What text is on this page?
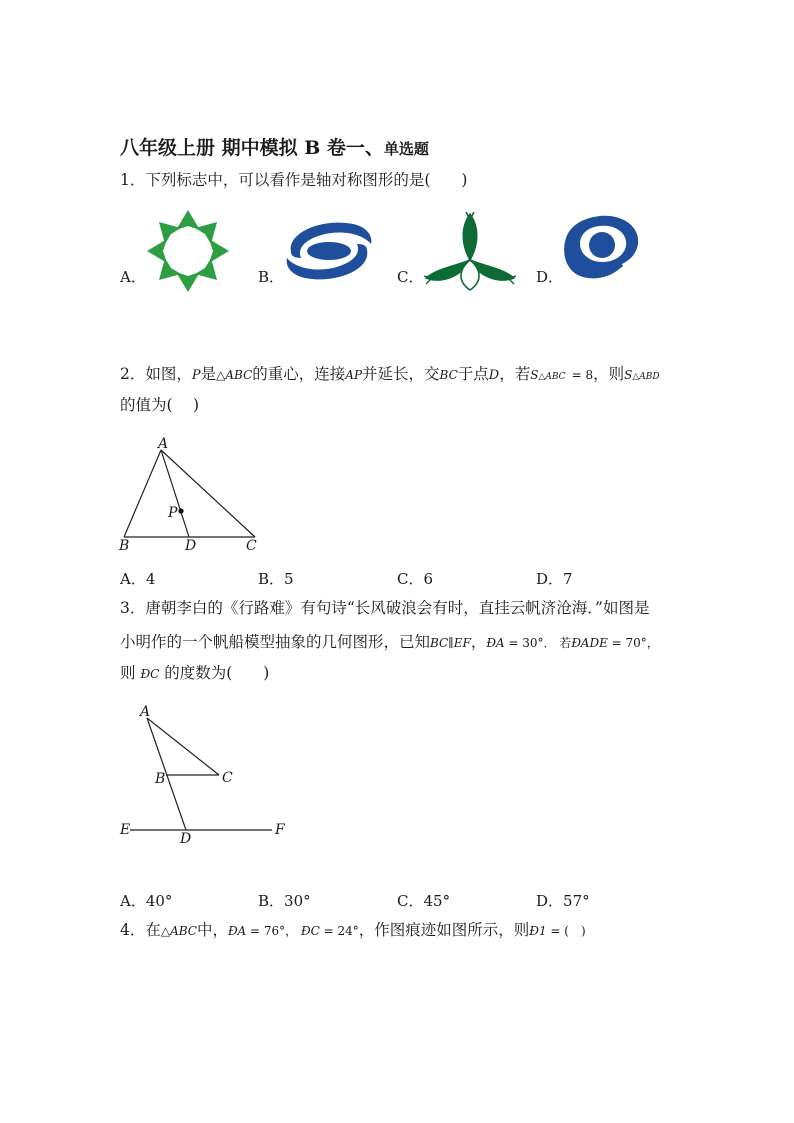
八年级上册 期中模拟 B 卷一、单选题
1．下列标志中，可以看作是轴对称图形的是(　　)
A．	B．	C．	D．
2．如图，P是△ABC的重心，连接AP并延长，交BC于点D，若S△ABC = 8，则S△ABD
的值为(　 )
A
P
B	D	C
A．4	B．5	C．6	D．7
3．唐朝李白的《行路难》有句诗“长风破浪会有时，直挂云帆济沧海．”如图是
小明作的一个帆船模型抽象的几何图形，已知BC∥EF，ÐA = 30°． 若ÐADE = 70°，
则 ÐC 的度数为(　　)
A
B	C
E
D
F
A．40°	B．30°	C．45°	D．57°
4．在△ABC中，ÐA = 76°， ÐC = 24°，作图痕迹如图所示，则Ð1 = (　)
